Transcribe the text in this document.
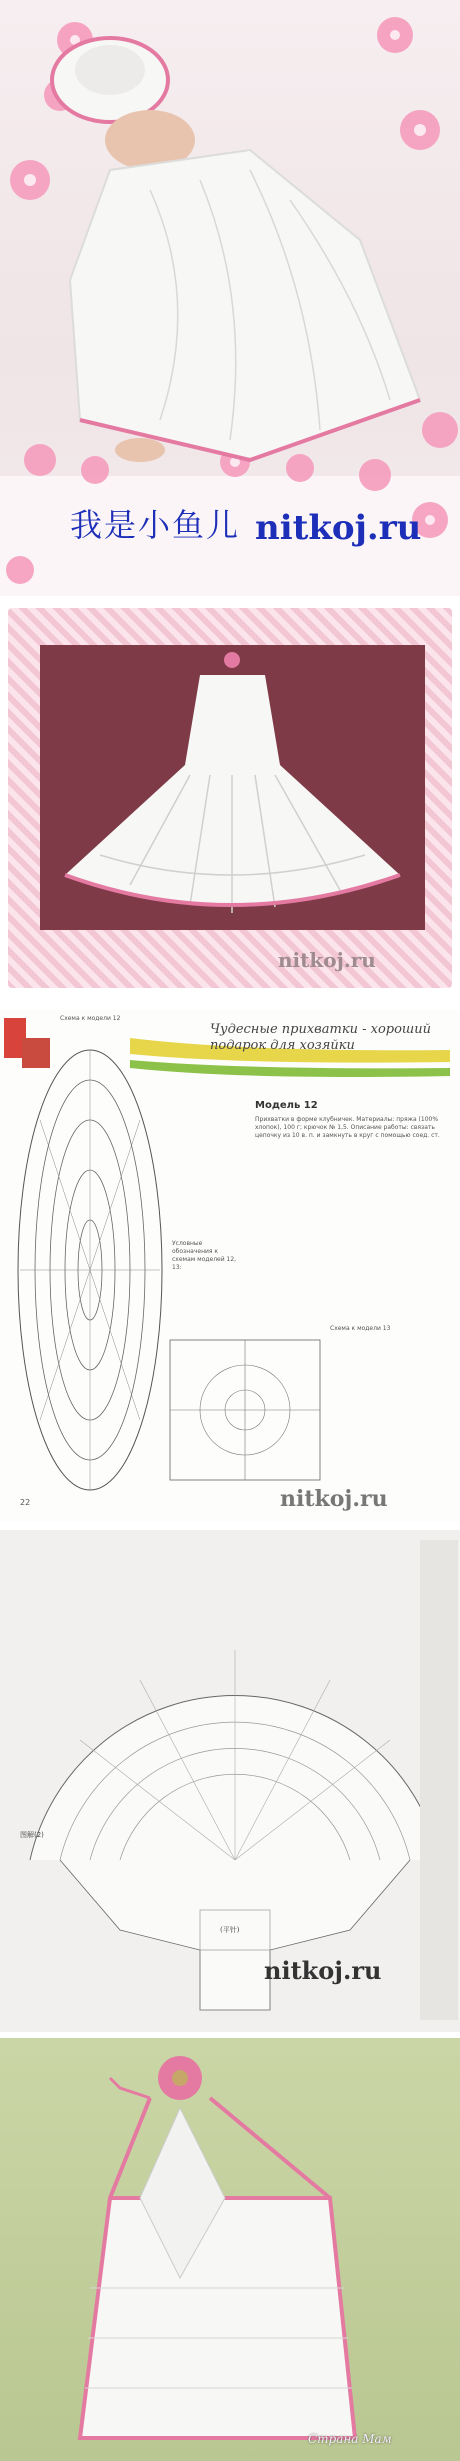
我是小鱼儿 nitkoj.ru
nitkoj.ru
Схема к модели 12
Чудесные прихватки - хороший подарок для хозяйки
Модель 12
Прихватки в форме клубничек. Материалы: пряжа (100% хлопок), 100 г; крючок № 1,5. Описание работы: связать цепочку из 10 в. п. и замкнуть в круг с помощью соед. ст.
Условные обозначения к схемам моделей 12, 13:
Схема к модели 13
22	nitkoj.ru
图解(2)
(平针)
nitkoj.ru
Страна Мам
